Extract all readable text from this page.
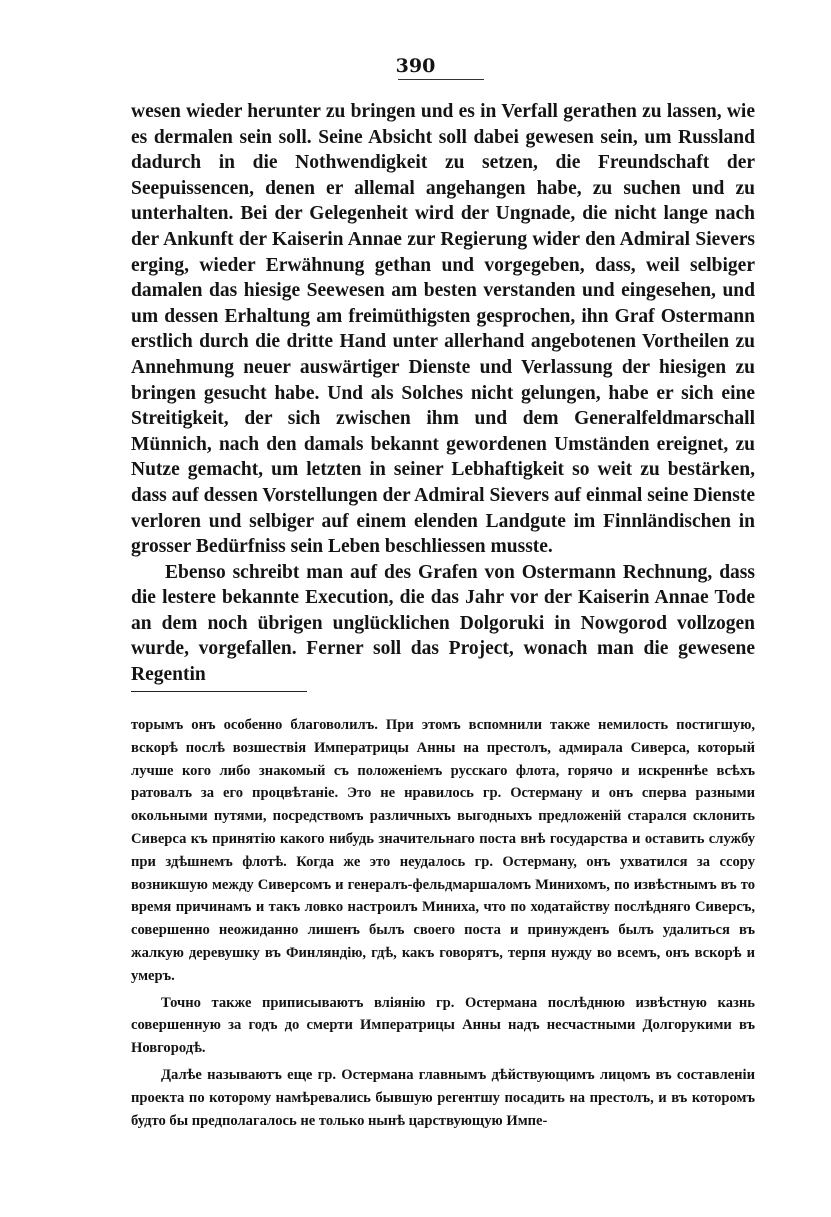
390

wesen wieder herunter zu bringen und es in Verfall gerathen zu lassen, wie es dermalen sein soll. Seine Absicht soll dabei gewesen sein, um Russland dadurch in die Nothwendigkeit zu setzen, die Freundschaft der Seepuissencen, denen er allemal angehangen habe, zu suchen und zu unterhalten. Bei der Gelegenheit wird der Ungnade, die nicht lange nach der Ankunft der Kaiserin Annae zur Regierung wider den Admiral Sievers erging, wieder Erwähnung gethan und vorgegeben, dass, weil selbiger damalen das hiesige Seewesen am besten verstanden und eingesehen, und um dessen Erhaltung am freimüthigsten gesprochen, ihn Graf Ostermann erstlich durch die dritte Hand unter allerhand angebotenen Vortheilen zu Annehmung neuer auswärtiger Dienste und Verlassung der hiesigen zu bringen gesucht habe. Und als Solches nicht gelungen, habe er sich eine Streitigkeit, der sich zwischen ihm und dem Generalfeldmarschall Münnich, nach den damals bekannt gewordenen Umständen ereignet, zu Nutze gemacht, um letzten in seiner Lebhaftigkeit so weit zu bestärken, dass auf dessen Vorstellungen der Admiral Sievers auf einmal seine Dienste verloren und selbiger auf einem elenden Landgute im Finnländischen in grosser Bedürfniss sein Leben beschliessen musste.

Ebenso schreibt man auf des Grafen von Ostermann Rechnung, dass die lestere bekannte Execution, die das Jahr vor der Kaiserin Annae Tode an dem noch übrigen unglücklichen Dolgoruki in Nowgorod vollzogen wurde, vorgefallen. Ferner soll das Project, wonach man die gewesene Regentin

торымъ онъ особенно благоволилъ. При этомъ вспомнили также немилость постигшую, вскорѣ послѣ возшествія Императрицы Анны на престолъ, адмирала Сиверса, который лучше кого либо знакомый съ положеніемъ русскаго флота, горячо и искреннѣе всѣхъ ратовалъ за его процвѣтаніе. Это не нравилось гр. Остерману и онъ сперва разными окольными путями, посредствомъ различныхъ выгодныхъ предложеній старался склонить Сиверса къ принятію какого нибудь значительнаго поста внѣ государства и оставить службу при здѣшнемъ флотѣ. Когда же это неудалось гр. Остерману, онъ ухватился за ссору возникшую между Сиверсомъ и генералъ-фельдмаршаломъ Минихомъ, по извѣстнымъ въ то время причинамъ и такъ ловко настроилъ Миниха, что по ходатайству послѣдняго Сиверсъ, совершенно неожиданно лишенъ былъ своего поста и принужденъ былъ удалиться въ жалкую деревушку въ Финляндію, гдѣ, какъ говорятъ, терпя нужду во всемъ, онъ вскорѣ и умеръ.

Точно также приписываютъ вліянію гр. Остермана послѣднюю извѣстную казнь совершенную за годъ до смерти Императрицы Анны надъ несчастными Долгорукими въ Новгородѣ.

Далѣе называютъ еще гр. Остермана главнымъ дѣйствующимъ лицомъ въ составленіи проекта по которому намѣревались бывшую регентшу посадить на престолъ, и въ которомъ будто бы предполагалось не только нынѣ царствующую Импе-
